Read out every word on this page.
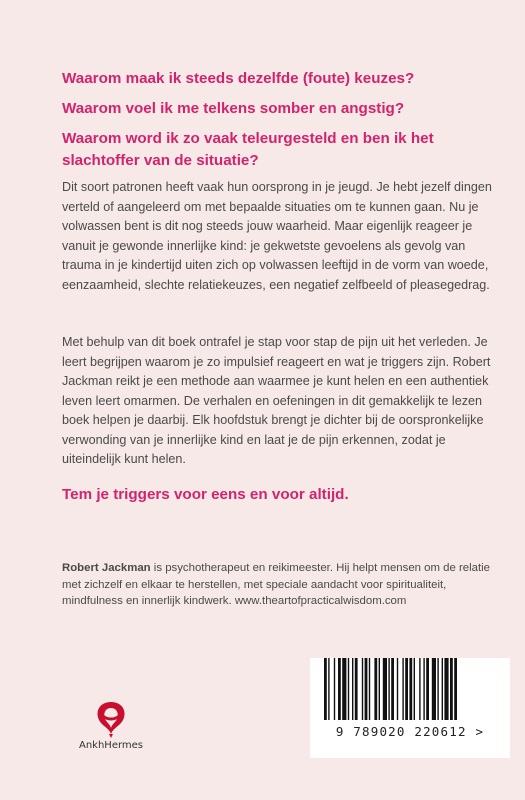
Waarom maak ik steeds dezelfde (foute) keuzes?

Waarom voel ik me telkens somber en angstig?

Waarom word ik zo vaak teleurgesteld en ben ik het slachtoffer van de situatie?

Dit soort patronen heeft vaak hun oorsprong in je jeugd. Je hebt jezelf dingen verteld of aangeleerd om met bepaalde situaties om te kunnen gaan. Nu je volwassen bent is dit nog steeds jouw waarheid. Maar eigenlijk reageer je vanuit je gewonde innerlijke kind: je gekwetste gevoelens als gevolg van trauma in je kindertijd uiten zich op volwassen leeftijd in de vorm van woede, eenzaamheid, slechte relatiekeuzes, een negatief zelfbeeld of pleasegedrag.

Met behulp van dit boek ontrafel je stap voor stap de pijn uit het verleden. Je leert begrijpen waarom je zo impulsief reageert en wat je triggers zijn. Robert Jackman reikt je een methode aan waarmee je kunt helen en een authentiek leven leert omarmen. De verhalen en oefeningen in dit gemakkelijk te lezen boek helpen je daarbij. Elk hoofdstuk brengt je dichter bij de oorspronkelijke verwonding van je innerlijke kind en laat je de pijn erkennen, zodat je uiteindelijk kunt helen.

Tem je triggers voor eens en voor altijd.

Robert Jackman is psychotherapeut en reikimeester. Hij helpt mensen om de relatie met zichzelf en elkaar te herstellen, met speciale aandacht voor spiritualiteit, mindfulness en innerlijk kindwerk. www.theartofpracticalwisdom.com

AnkhHermes
9 789020 220612 >
